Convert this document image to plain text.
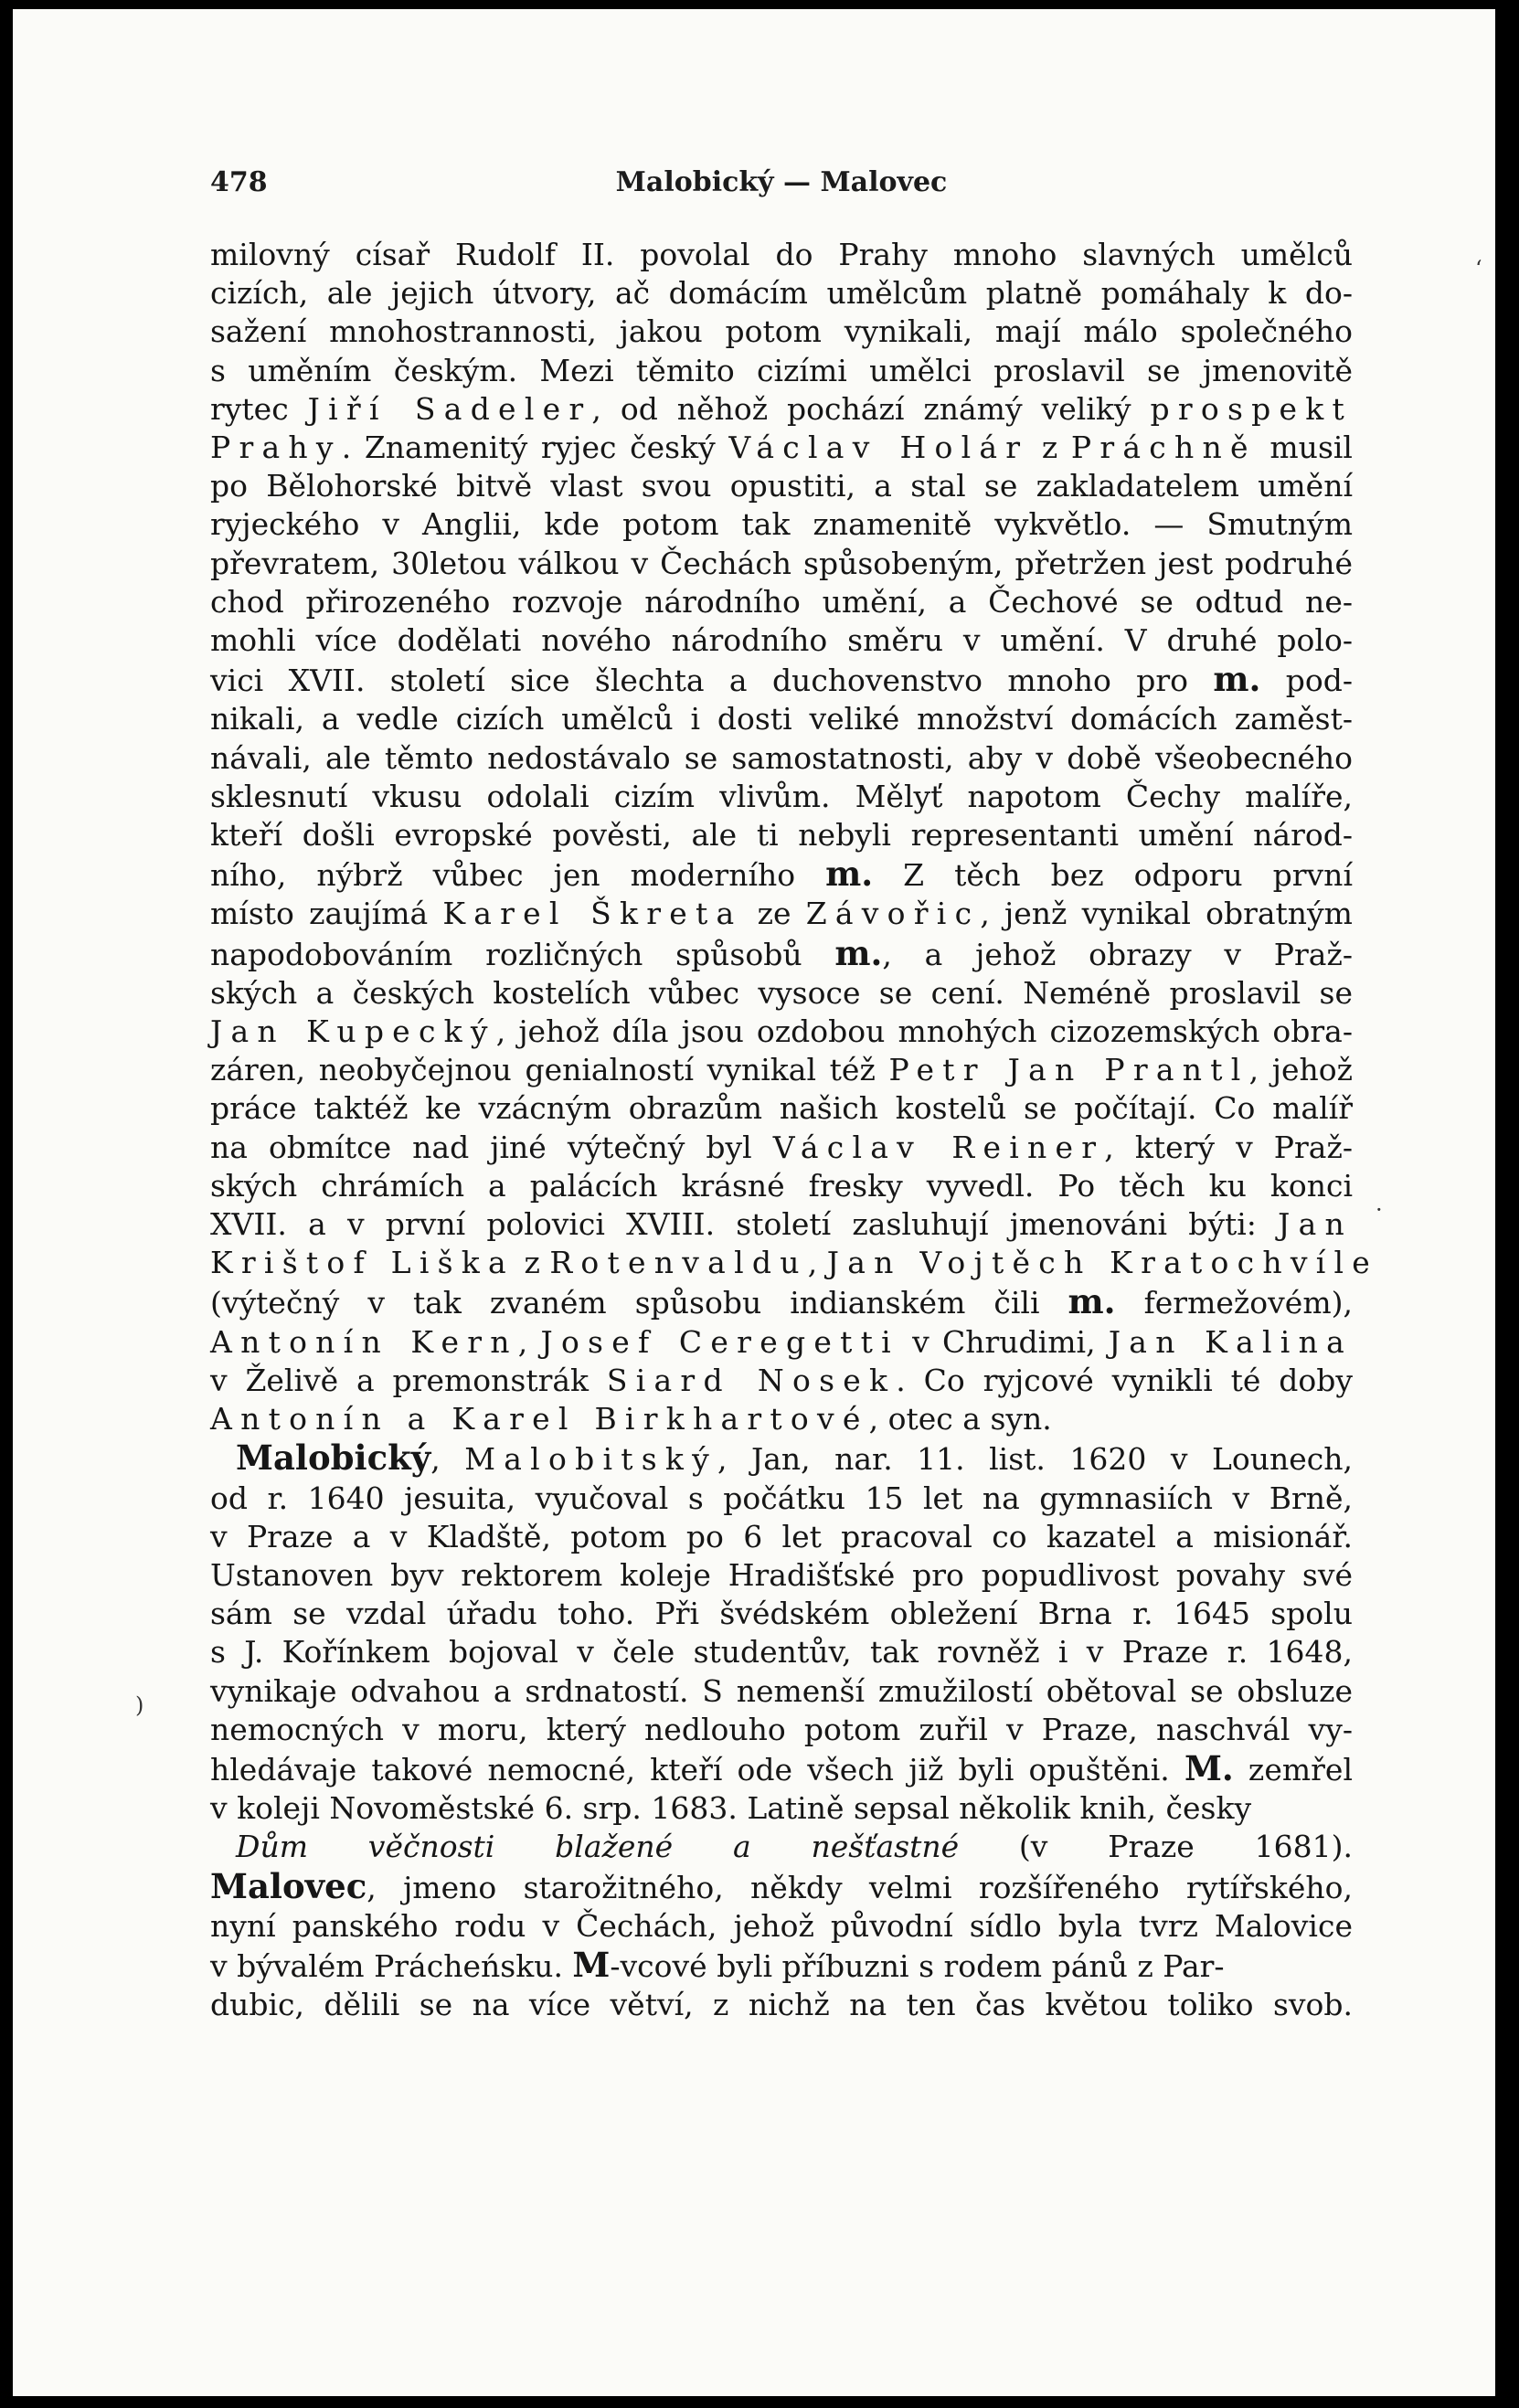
478	Malobický — Malovec
milovný císař Rudolf II. povolal do Prahy mnoho slavných umělců
cizích, ale jejich útvory, ač domácím umělcům platně pomáhaly k do-
sažení mnohostrannosti, jakou potom vynikali, mají málo společného
s uměním českým. Mezi těmito cizími umělci proslavil se jmenovitě
rytec Jiří Sadeler, od něhož pochází známý veliký prospekt
Prahy. Znamenitý ryjec český Václav Holár z Práchně musil
po Bělohorské bitvě vlast svou opustiti, a stal se zakladatelem umění
ryjeckého v Anglii, kde potom tak znamenitě vykvětlo. — Smutným
převratem, 30letou válkou v Čechách spůsobeným, přetržen jest podruhé
chod přirozeného rozvoje národního umění, a Čechové se odtud ne-
mohli více dodělati nového národního směru v umění. V druhé polo-
vici XVII. století sice šlechta a duchovenstvo mnoho pro m. pod-
nikali, a vedle cizích umělců i dosti veliké množství domácích zaměst-
návali, ale těmto nedostávalo se samostatnosti, aby v době všeobecného
sklesnutí vkusu odolali cizím vlivům. Mělyť napotom Čechy malíře,
kteří došli evropské pověsti, ale ti nebyli representanti umění národ-
ního, nýbrž vůbec jen moderního m. Z těch bez odporu první
místo zaujímá Karel Škreta ze Závořic, jenž vynikal obratným
napodobováním rozličných spůsobů m., a jehož obrazy v Praž-
ských a českých kostelích vůbec vysoce se cení. Neméně proslavil se
Jan Kupecký, jehož díla jsou ozdobou mnohých cizozemských obra-
záren, neobyčejnou genialností vynikal též Petr Jan Prantl, jehož
práce taktéž ke vzácným obrazům našich kostelů se počítají. Co malíř
na obmítce nad jiné výtečný byl Václav Reiner, který v Praž-
ských chrámích a palácích krásné fresky vyvedl. Po těch ku konci
XVII. a v první polovici XVIII. století zasluhují jmenováni býti: Jan
Krištof Liška z Rotenvaldu, Jan Vojtěch Kratochvíle
(výtečný v tak zvaném spůsobu indianském čili m. fermežovém),
Antonín Kern, Josef Ceregetti v Chrudimi, Jan Kalina
v Želivě a premonstrák Siard Nosek. Co ryjcové vynikli té doby
Antonín a Karel Birkhartové, otec a syn.
Malobický, Malobitský, Jan, nar. 11. list. 1620 v Lounech,
od r. 1640 jesuita, vyučoval s počátku 15 let na gymnasiích v Brně,
v Praze a v Kladště, potom po 6 let pracoval co kazatel a misionář.
Ustanoven byv rektorem koleje Hradišťské pro popudlivost povahy své
sám se vzdal úřadu toho. Při švédském obležení Brna r. 1645 spolu
s J. Kořínkem bojoval v čele studentův, tak rovněž i v Praze r. 1648,
vynikaje odvahou a srdnatostí. S nemenší zmužilostí obětoval se obsluze
nemocných v moru, který nedlouho potom zuřil v Praze, naschvál vy-
hledávaje takové nemocné, kteří ode všech již byli opuštěni. M. zemřel
v koleji Novoměstské 6. srp. 1683. Latině sepsal několik knih, česky
Dům věčnosti blažené a nešťastné (v Praze 1681).
Malovec, jmeno starožitného, někdy velmi rozšířeného rytířského,
nyní panského rodu v Čechách, jehož původní sídlo byla tvrz Malovice
v bývalém Prácheńsku. M-vcové byli příbuzni s rodem pánů z Par-
dubic, dělili se na více větví, z nichž na ten čas květou toliko svob.
ʻ
)
·
